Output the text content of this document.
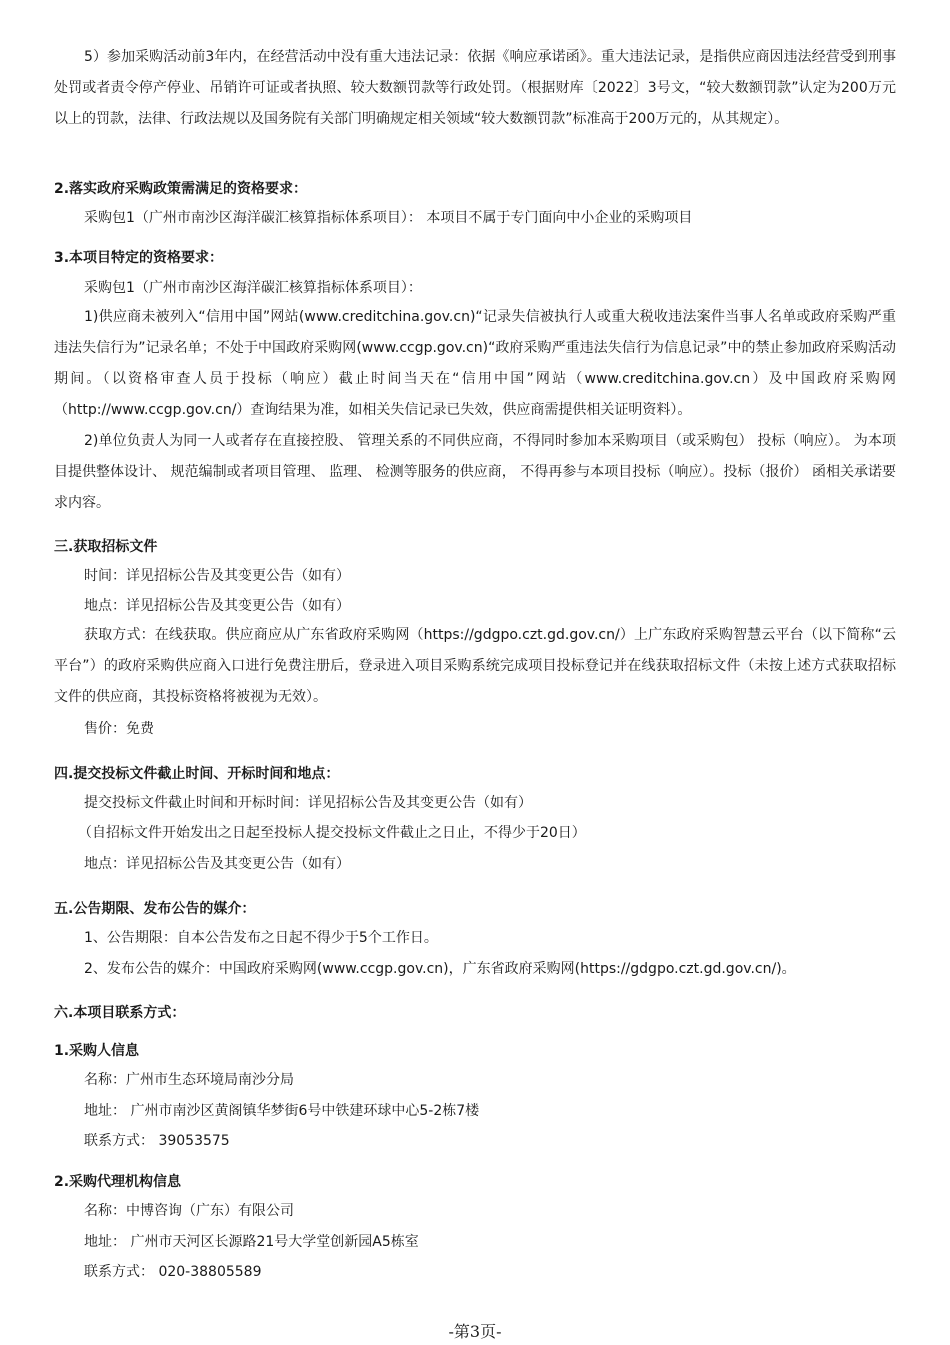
5）参加采购活动前3年内，在经营活动中没有重大违法记录：依据《响应承诺函》。重大违法记录，是指供应商因违法经营受到刑事处罚或者责令停产停业、吊销许可证或者执照、较大数额罚款等行政处罚。（根据财库〔2022〕3号文，“较大数额罚款”认定为200万元以上的罚款，法律、行政法规以及国务院有关部门明确规定相关领域“较大数额罚款”标准高于200万元的，从其规定）。

2.落实政府采购政策需满足的资格要求：

采购包1（广州市南沙区海洋碳汇核算指标体系项目）： 本项目不属于专门面向中小企业的采购项目

3.本项目特定的资格要求：

采购包1（广州市南沙区海洋碳汇核算指标体系项目）：

1)供应商未被列入“信用中国”网站(www.creditchina.gov.cn)“记录失信被执行人或重大税收违法案件当事人名单或政府采购严重违法失信行为”记录名单；不处于中国政府采购网(www.ccgp.gov.cn)“政府采购严重违法失信行为信息记录”中的禁止参加政府采购活动期间。（以资格审查人员于投标（响应）截止时间当天在“信用中国”网站（www.creditchina.gov.cn）及中国政府采购网（http://www.ccgp.gov.cn/）查询结果为准，如相关失信记录已失效，供应商需提供相关证明资料）。

2)单位负责人为同一人或者存在直接控股、 管理关系的不同供应商，不得同时参加本采购项目（或采购包） 投标（响应）。 为本项目提供整体设计、 规范编制或者项目管理、 监理、 检测等服务的供应商， 不得再参与本项目投标（响应）。投标（报价） 函相关承诺要求内容。

三.获取招标文件

时间：详见招标公告及其变更公告（如有）

地点：详见招标公告及其变更公告（如有）

获取方式：在线获取。供应商应从广东省政府采购网（https://gdgpo.czt.gd.gov.cn/）上广东政府采购智慧云平台（以下简称“云平台”）的政府采购供应商入口进行免费注册后，登录进入项目采购系统完成项目投标登记并在线获取招标文件（未按上述方式获取招标文件的供应商，其投标资格将被视为无效）。

售价：免费

四.提交投标文件截止时间、开标时间和地点：

提交投标文件截止时间和开标时间：详见招标公告及其变更公告（如有）

（自招标文件开始发出之日起至投标人提交投标文件截止之日止，不得少于20日）

地点：详见招标公告及其变更公告（如有）

五.公告期限、发布公告的媒介：

1、公告期限：自本公告发布之日起不得少于5个工作日。

2、发布公告的媒介：中国政府采购网(www.ccgp.gov.cn)，广东省政府采购网(https://gdgpo.czt.gd.gov.cn/)。

六.本项目联系方式：

1.采购人信息

名称：广州市生态环境局南沙分局

地址： 广州市南沙区黄阁镇华梦街6号中铁建环球中心5-2栋7楼

联系方式： 39053575

2.采购代理机构信息

名称：中博咨询（广东）有限公司

地址： 广州市天河区长源路21号大学堂创新园A5栋室

联系方式： 020-38805589

-第3页-
